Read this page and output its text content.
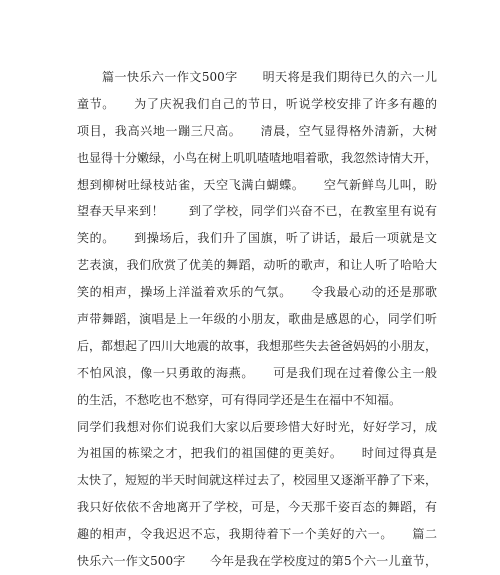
　　篇一快乐六一作文500字　　明天将是我们期待已久的六一儿
童节。　　为了庆祝我们自己的节日，听说学校安排了许多有趣的
项目，我高兴地一蹦三尺高。　　清晨，空气显得格外清新，大树
也显得十分嫩绿，小鸟在树上叽叽喳喳地唱着歌，我忽然诗情大开，
想到柳树吐绿枝站雀，天空飞满白蝴蝶。　　空气新鲜鸟儿叫，盼
望春天早来到！　　到了学校，同学们兴奋不已，在教室里有说有
笑的。　　到操场后，我们升了国旗，听了讲话，最后一项就是文
艺表演，我们欣赏了优美的舞蹈，动听的歌声，和让人听了哈哈大
笑的相声，操场上洋溢着欢乐的气氛。　　令我最心动的还是那歌
声带舞蹈，演唱是上一年级的小朋友，歌曲是感恩的心，同学们听
后，都想起了四川大地震的故事，我想那些失去爸爸妈妈的小朋友，
不怕风浪，像一只勇敢的海燕。　　可是我们现在过着像公主一般
的生活，不愁吃也不愁穿，可有得同学还是生在福中不知福。
同学们我想对你们说我们大家以后要珍惜大好时光，好好学习，成
为祖国的栋梁之才，把我们的祖国健的更美好。　　时间过得真是
太快了，短短的半天时间就这样过去了，校园里又逐渐平静了下来，
我只好依依不舍地离开了学校，可是，今天那千姿百态的舞蹈，有
趣的相声，令我迟迟不忘，我期待着下一个美好的六一。　　篇二
快乐六一作文500字　　今年是我在学校度过的第5个六一儿童节，
